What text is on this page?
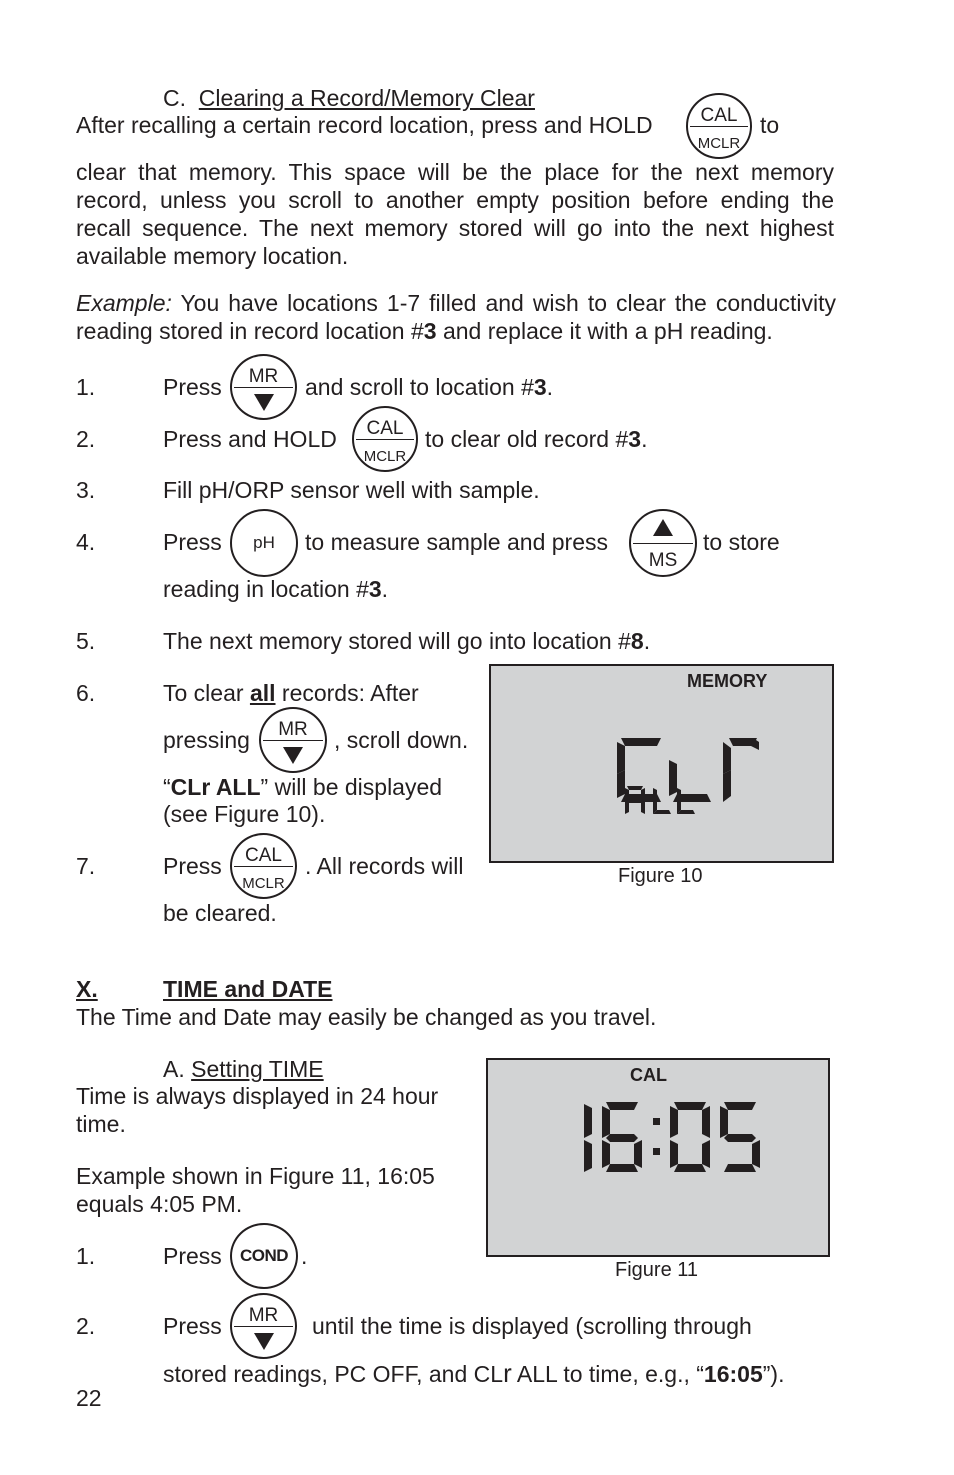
C. Clearing a Record/Memory Clear
After recalling a certain record location, press and HOLD	CAL
MCLR
to
clear that memory. This space will be the place for the next memory record, unless you scroll to another empty position before ending the recall sequence. The next memory stored will go into the next highest available memory location.
Example: You have locations 1-7 filled and wish to clear the conductivity reading stored in record location #3 and replace it with a pH reading.
1.	Press	MR	and scroll to location #3.
2.	Press and HOLD	CAL
MCLR
to clear old record #3.
3.	Fill pH/ORP sensor well with sample.
4.	Press	pH	to measure sample and press
MS
to store
reading in location #3.
5.	The next memory stored will go into location #8.
6.	To clear all records: After
pressing	MR	, scroll down.
“CLr ALL” will be displayed
(see Figure 10).
7.	Press	CAL
MCLR
. All records will
be cleared.
MEMORY
Figure 10
X.	TIME and DATE
The Time and Date may easily be changed as you travel.
A. Setting TIME
Time is always displayed in 24 hour
time.
Example shown in Figure 11, 16:05
equals 4:05 PM.
1.	Press	COND .
CAL
Figure 11
2.	Press	MR	until the time is displayed (scrolling through
stored readings, PC OFF, and CLr ALL to time, e.g., “16:05”).
22
